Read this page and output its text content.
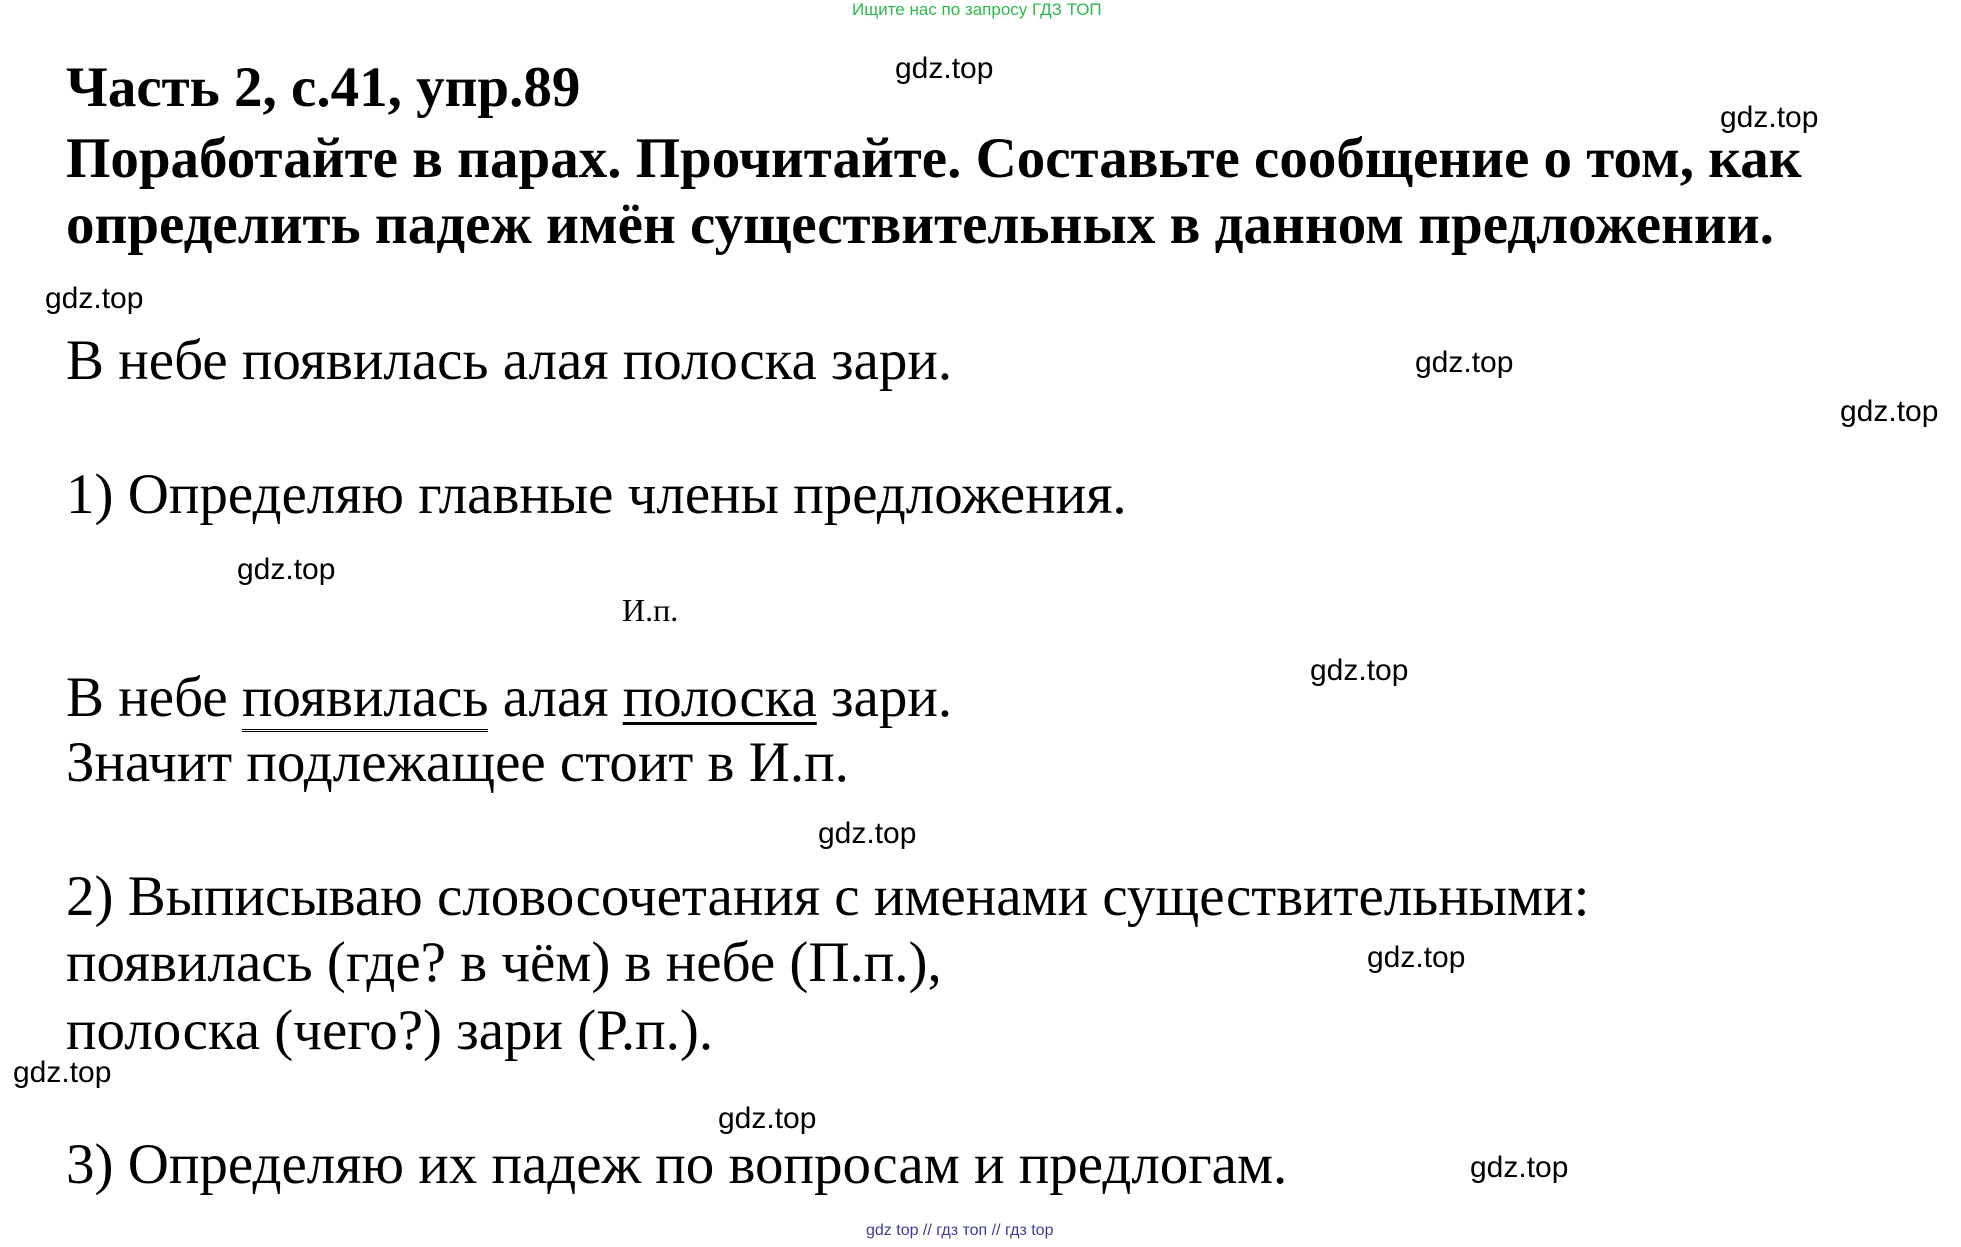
Ищите нас по запросу ГДЗ ТОП
Часть 2, с.41, упр.89
Поработайте в парах. Прочитайте. Составьте сообщение о том, как
определить падеж имён существительных в данном предложении.
В небе появилась алая полоска зари.
1) Определяю главные члены предложения.
И.п.
В небе появилась алая полоска зари.
Значит подлежащее стоит в И.п.
2) Выписываю словосочетания с именами существительными:
появилась (где? в чём) в небе (П.п.),
полоска (чего?) зари (Р.п.).
3) Определяю их падеж по вопросам и предлогам.
gdz.top
gdz.top
gdz.top
gdz.top
gdz.top
gdz.top
gdz.top
gdz.top
gdz.top
gdz.top
gdz.top
gdz.top
gdz top // гдз топ // гдз top
